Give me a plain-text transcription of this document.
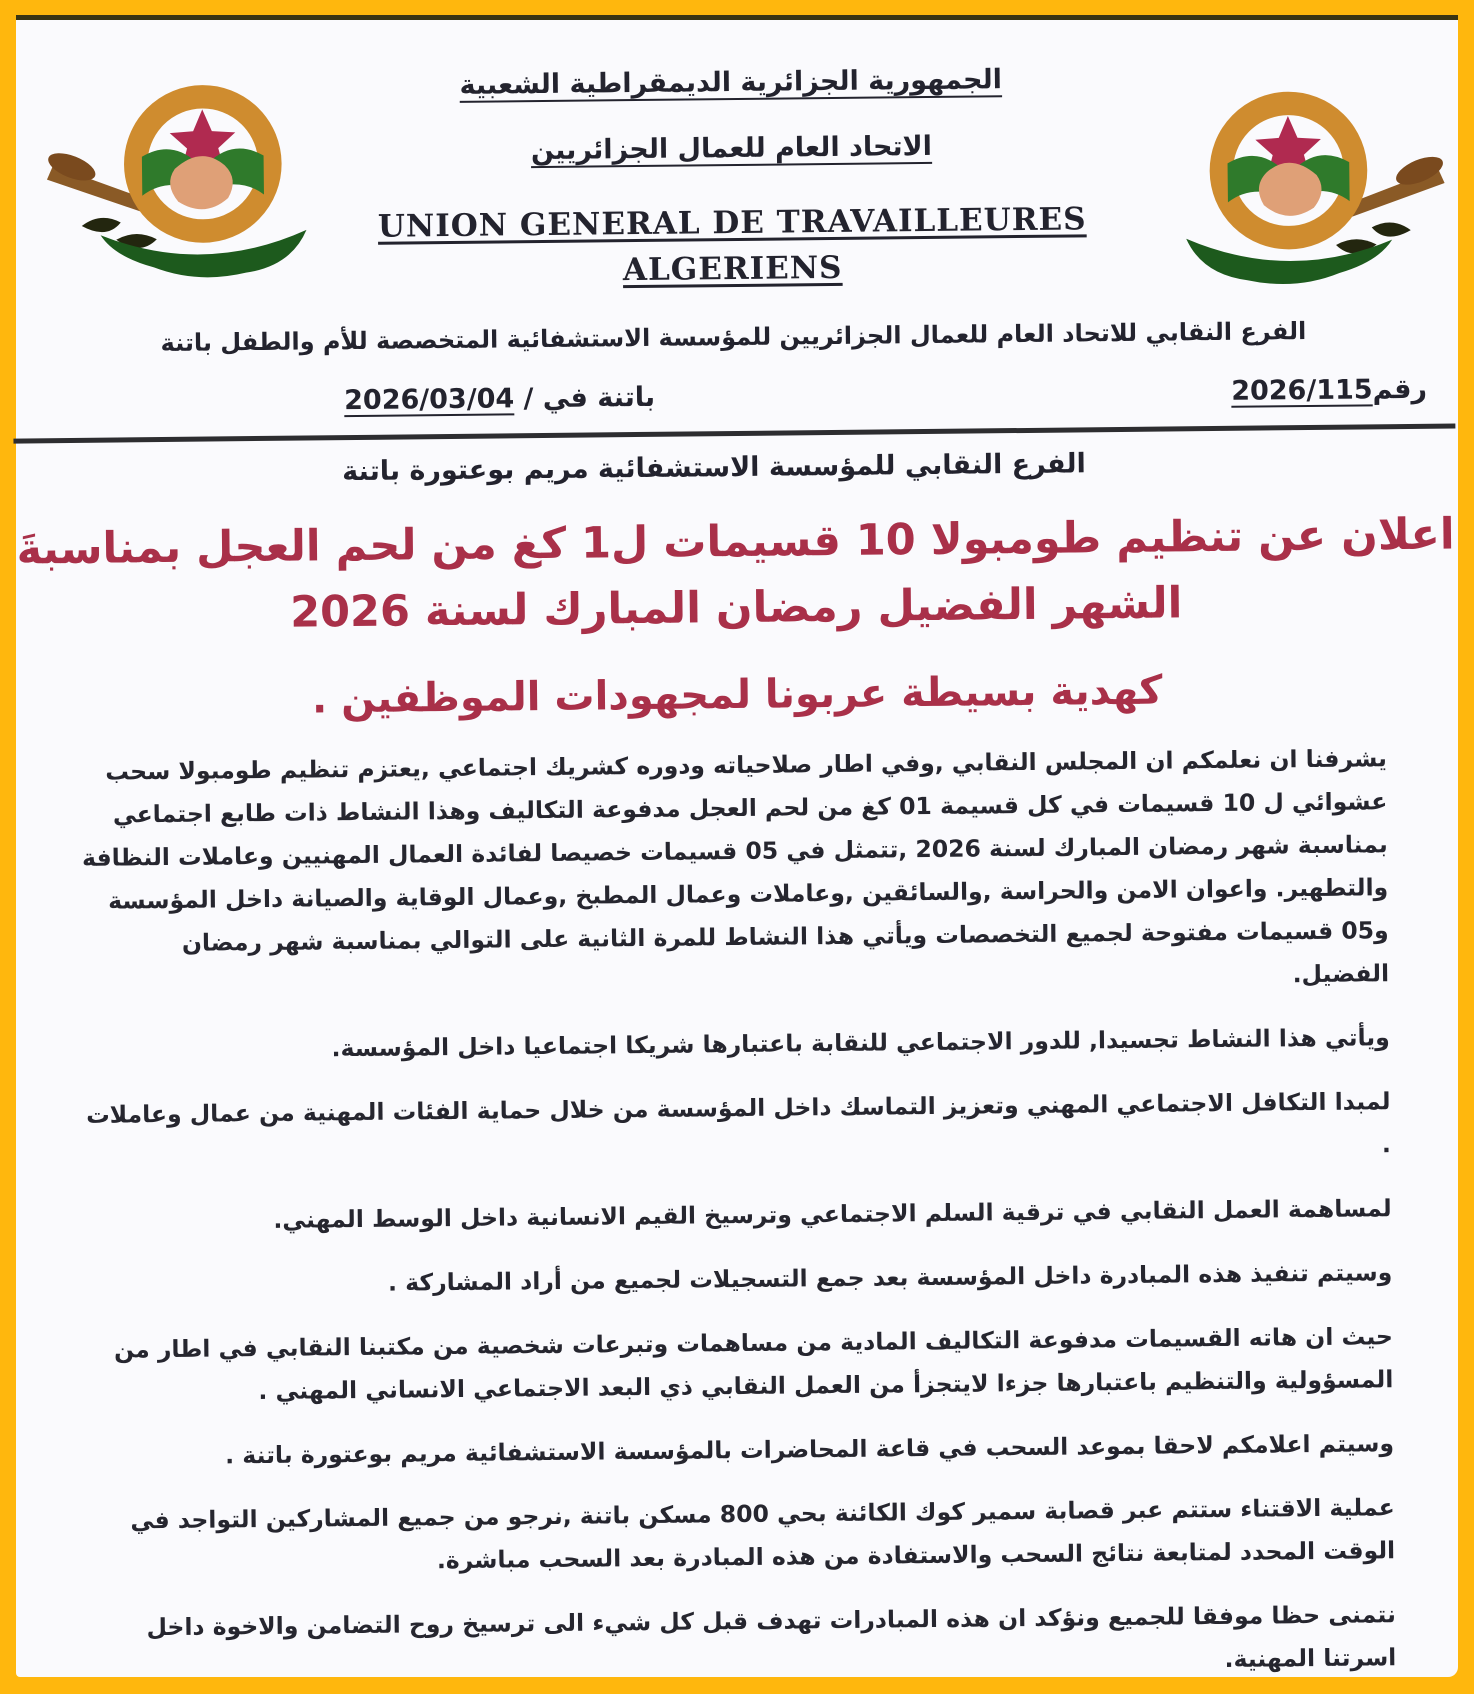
الجمهورية الجزائرية الديمقراطية الشعبية
الاتحاد العام للعمال الجزائريين
UNION GENERAL DE TRAVAILLEURES
ALGERIENS
الفرع النقابي للاتحاد العام للعمال الجزائريين للمؤسسة الاستشفائية المتخصصة للأم والطفل باتنة
رقم2026/115
باتنة في / 2026/03/04
الفرع النقابي للمؤسسة الاستشفائية مريم بوعتورة باتنة
اعلان عن تنظيم طومبولا 10 قسيمات ل1 كغ من لحم العجل بمناسبةَ
الشهر الفضيل رمضان المبارك لسنة 2026
كهدية بسيطة عربونا لمجهودات الموظفين .

يشرفنا ان نعلمكم ان المجلس النقابي ,وفي اطار صلاحياته ودوره كشريك اجتماعي ,يعتزم تنظيم طومبولا سحب عشوائي ل 10 قسيمات في كل قسيمة 01 كغ من لحم العجل مدفوعة التكاليف وهذا النشاط ذات طابع اجتماعي بمناسبة شهر رمضان المبارك لسنة 2026 ,تتمثل في 05 قسيمات خصيصا لفائدة العمال المهنيين وعاملات النظافة والتطهير. واعوان الامن والحراسة ,والسائقين ,وعاملات وعمال المطبخ ,وعمال الوقاية والصيانة داخل المؤسسة و05 قسيمات مفتوحة لجميع التخصصات ويأتي هذا النشاط للمرة الثانية على التوالي بمناسبة شهر رمضان الفضيل.

ويأتي هذا النشاط تجسيدا, للدور الاجتماعي للنقابة باعتبارها شريكا اجتماعيا داخل المؤسسة.

لمبدا التكافل الاجتماعي المهني وتعزيز التماسك داخل المؤسسة من خلال حماية الفئات المهنية من عمال وعاملات .

لمساهمة العمل النقابي في ترقية السلم الاجتماعي وترسيخ القيم الانسانية داخل الوسط المهني.

وسيتم تنفيذ هذه المبادرة داخل المؤسسة بعد جمع التسجيلات لجميع من أراد المشاركة .

حيث ان هاته القسيمات مدفوعة التكاليف المادية من مساهمات وتبرعات شخصية من مكتبنا النقابي في اطار من المسؤولية والتنظيم باعتبارها جزءا لايتجزأ من العمل النقابي ذي البعد الاجتماعي الانساني المهني .

وسيتم اعلامكم لاحقا بموعد السحب في قاعة المحاضرات بالمؤسسة الاستشفائية مريم بوعتورة باتنة .

عملية الاقتناء ستتم عبر قصابة سمير كوك الكائنة بحي 800 مسكن باتنة ,نرجو من جميع المشاركين التواجد في الوقت المحدد لمتابعة نتائج السحب والاستفادة من هذه المبادرة بعد السحب مباشرة.

نتمنى حظا موفقا للجميع ونؤكد ان هذه المبادرات تهدف قبل كل شيء الى ترسيخ روح التضامن والاخوة داخل اسرتنا المهنية.
